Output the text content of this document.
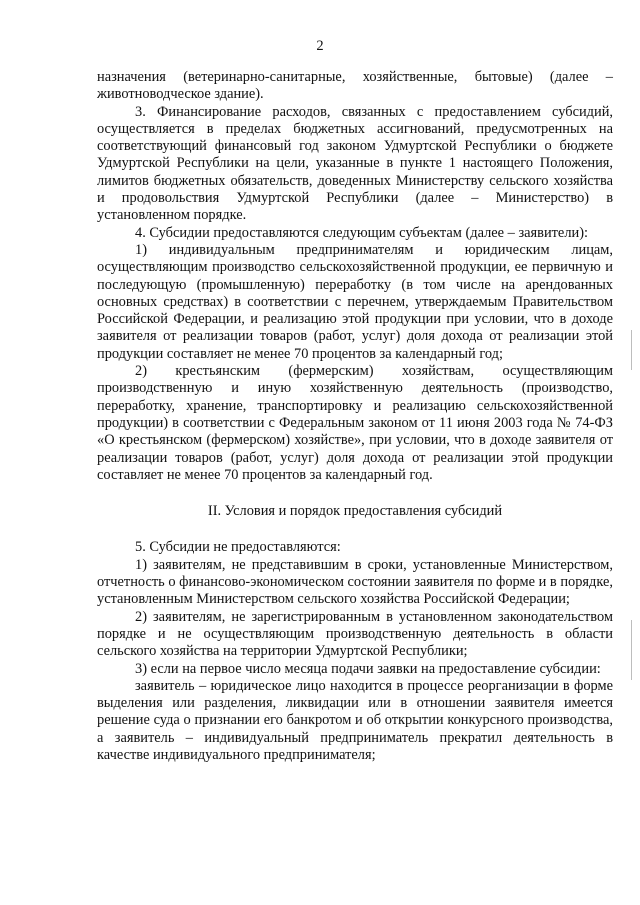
2

назначения (ветеринарно-санитарные, хозяйственные, бытовые) (далее – животноводческое здание).

3. Финансирование расходов, связанных с предоставлением субсидий, осуществляется в пределах бюджетных ассигнований, предусмотренных на соответствующий финансовый год законом Удмуртской Республики о бюджете Удмуртской Республики на цели, указанные в пункте 1 настоящего Положения, лимитов бюджетных обязательств, доведенных Министерству сельского хозяйства и продовольствия Удмуртской Республики (далее – Министерство) в установленном порядке.

4. Субсидии предоставляются следующим субъектам (далее – заявители):

1) индивидуальным предпринимателям и юридическим лицам, осуществляющим производство сельскохозяйственной продукции, ее первичную и последующую (промышленную) переработку (в том числе на арендованных основных средствах) в соответствии с перечнем, утверждаемым Правительством Российской Федерации, и реализацию этой продукции при условии, что в доходе заявителя от реализации товаров (работ, услуг) доля дохода от реализации этой продукции составляет не менее 70 процентов за календарный год;

2) крестьянским (фермерским) хозяйствам, осуществляющим производственную и иную хозяйственную деятельность (производство, переработку, хранение, транспортировку и реализацию сельскохозяйственной продукции) в соответствии с Федеральным законом от 11 июня 2003 года № 74-ФЗ «О крестьянском (фермерском) хозяйстве», при условии, что в доходе заявителя от реализации товаров (работ, услуг) доля дохода от реализации этой продукции составляет не менее 70 процентов за календарный год.

II. Условия и порядок предоставления субсидий

5. Субсидии не предоставляются:

1) заявителям, не представившим в сроки, установленные Министерством, отчетность о финансово-экономическом состоянии заявителя по форме и в порядке, установленным Министерством сельского хозяйства Российской Федерации;

2) заявителям, не зарегистрированным в установленном законодательством порядке и не осуществляющим производственную деятельность в области сельского хозяйства на территории Удмуртской Республики;

3) если на первое число месяца подачи заявки на предоставление субсидии:

заявитель – юридическое лицо находится в процессе реорганизации в форме выделения или разделения, ликвидации или в отношении заявителя имеется решение суда о признании его банкротом и об открытии конкурсного производства, а заявитель – индивидуальный предприниматель прекратил деятельность в качестве индивидуального предпринимателя;
